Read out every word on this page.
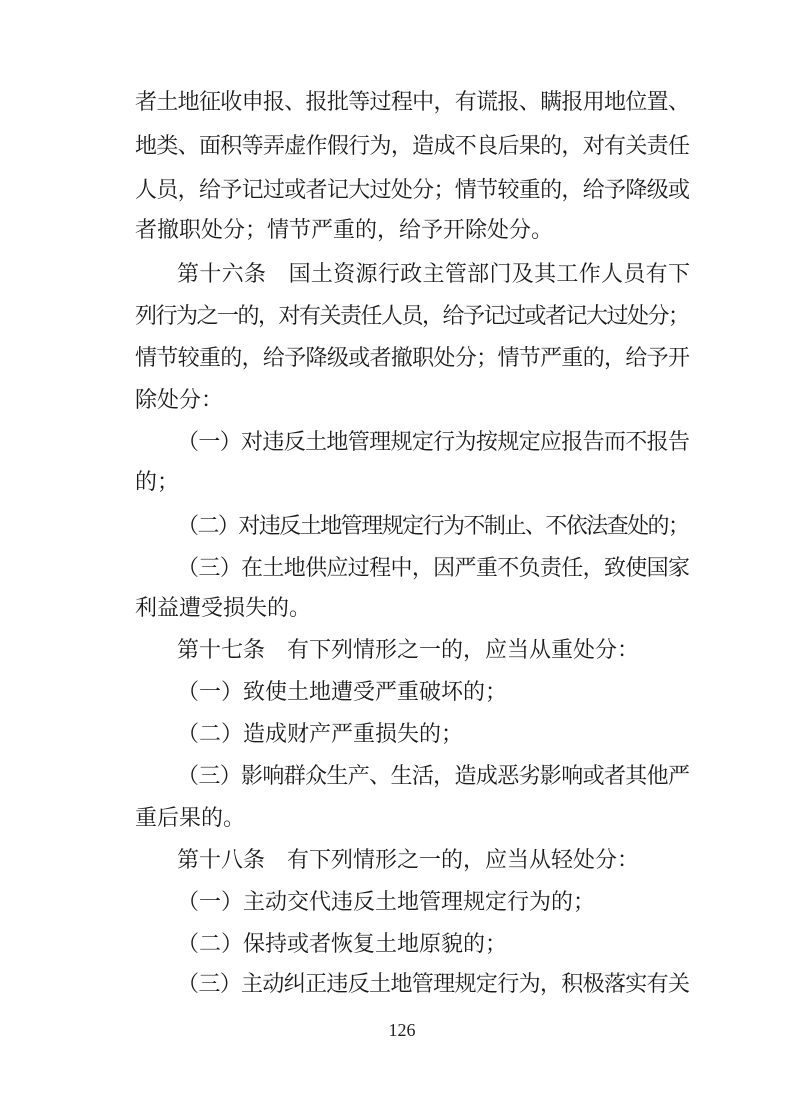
者土地征收申报、报批等过程中，有谎报、瞒报用地位置、
地类、面积等弄虚作假行为，造成不良后果的，对有关责任
人员，给予记过或者记大过处分；情节较重的，给予降级或
者撤职处分；情节严重的，给予开除处分。
第十六条　国土资源行政主管部门及其工作人员有下
列行为之一的，对有关责任人员，给予记过或者记大过处分；
情节较重的，给予降级或者撤职处分；情节严重的，给予开
除处分：
（一）对违反土地管理规定行为按规定应报告而不报告
的；
（二）对违反土地管理规定行为不制止、不依法查处的；
（三）在土地供应过程中，因严重不负责任，致使国家
利益遭受损失的。
第十七条　有下列情形之一的，应当从重处分：
（一）致使土地遭受严重破坏的；
（二）造成财产严重损失的；
（三）影响群众生产、生活，造成恶劣影响或者其他严
重后果的。
第十八条　有下列情形之一的，应当从轻处分：
（一）主动交代违反土地管理规定行为的；
（二）保持或者恢复土地原貌的；
（三）主动纠正违反土地管理规定行为，积极落实有关
126
